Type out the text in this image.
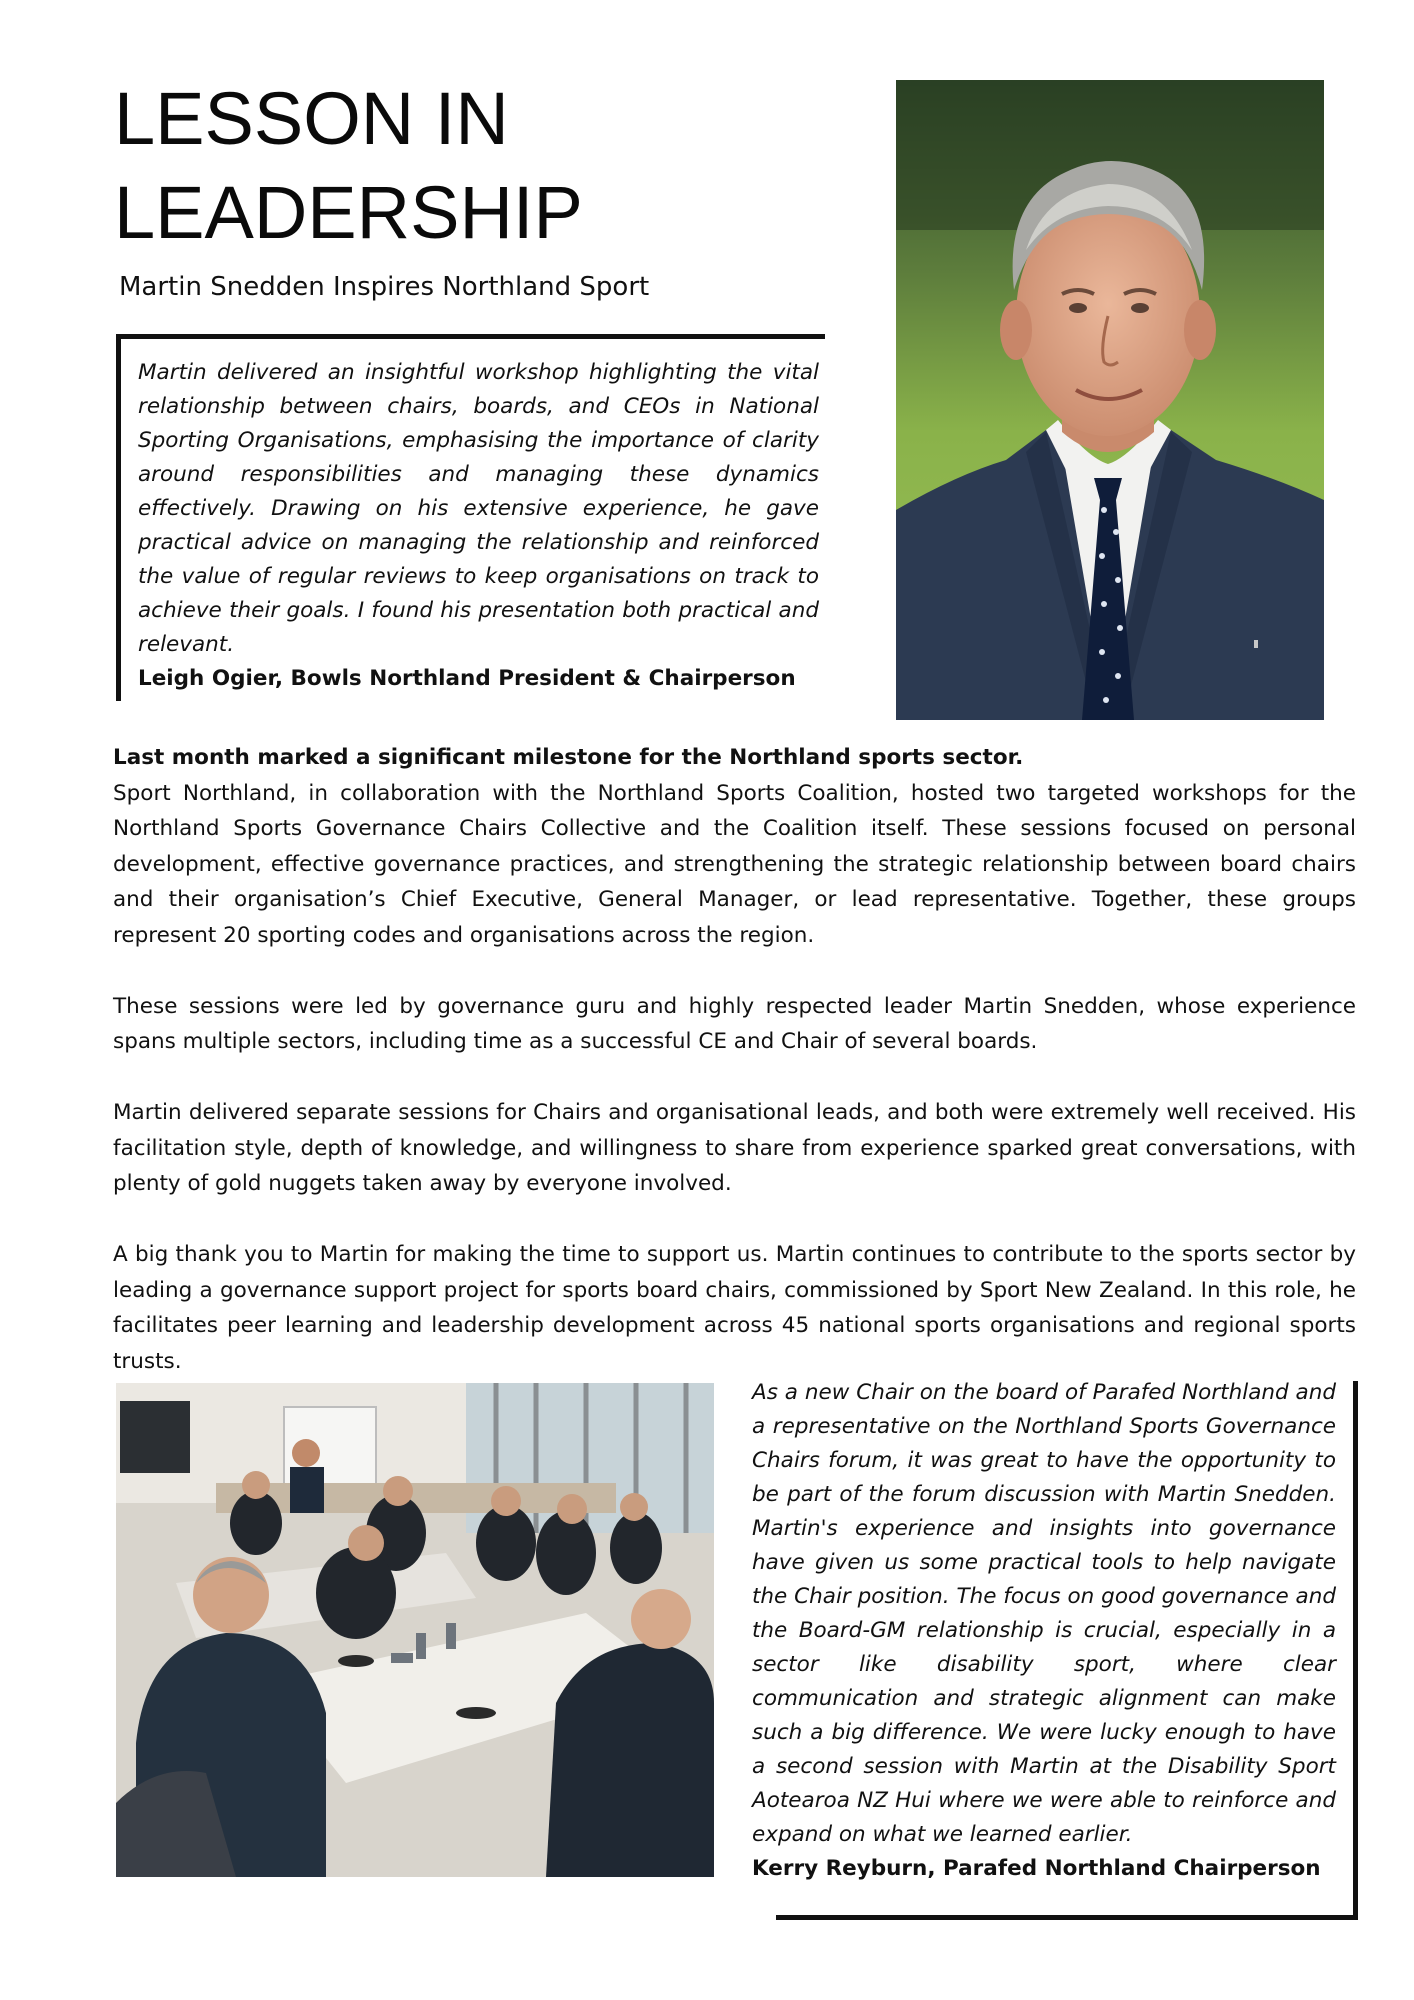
LESSON IN
LEADERSHIP

Martin Snedden Inspires Northland Sport

Martin delivered an insightful workshop highlighting the vital relationship between chairs, boards, and CEOs in National Sporting Organisations, emphasising the importance of clarity around responsibilities and managing these dynamics effectively. Drawing on his extensive experience, he gave practical advice on managing the relationship and reinforced the value of regular reviews to keep organisations on track to achieve their goals. I found his presentation both practical and relevant.
Leigh Ogier, Bowls Northland President & Chairperson

Last month marked a significant milestone for the Northland sports sector.

Sport Northland, in collaboration with the Northland Sports Coalition, hosted two targeted workshops for the Northland Sports Governance Chairs Collective and the Coalition itself. These sessions focused on personal development, effective governance practices, and strengthening the strategic relationship between board chairs and their organisation’s Chief Executive, General Manager, or lead representative. Together, these groups represent 20 sporting codes and organisations across the region.

These sessions were led by governance guru and highly respected leader Martin Snedden, whose experience spans multiple sectors, including time as a successful CE and Chair of several boards.

Martin delivered separate sessions for Chairs and organisational leads, and both were extremely well received. His facilitation style, depth of knowledge, and willingness to share from experience sparked great conversations, with plenty of gold nuggets taken away by everyone involved.

A big thank you to Martin for making the time to support us. Martin continues to contribute to the sports sector by leading a governance support project for sports board chairs, commissioned by Sport New Zealand. In this role, he facilitates peer learning and leadership development across 45 national sports organisations and regional sports trusts.

As a new Chair on the board of Parafed Northland and a representative on the Northland Sports Governance Chairs forum, it was great to have the opportunity to be part of the forum discussion with Martin Snedden. Martin's experience and insights into governance have given us some practical tools to help navigate the Chair position. The focus on good governance and the Board-GM relationship is crucial, especially in a sector like disability sport, where clear communication and strategic alignment can make such a big difference. We were lucky enough to have a second session with Martin at the Disability Sport Aotearoa NZ Hui where we were able to reinforce and expand on what we learned earlier.
Kerry Reyburn, Parafed Northland Chairperson
